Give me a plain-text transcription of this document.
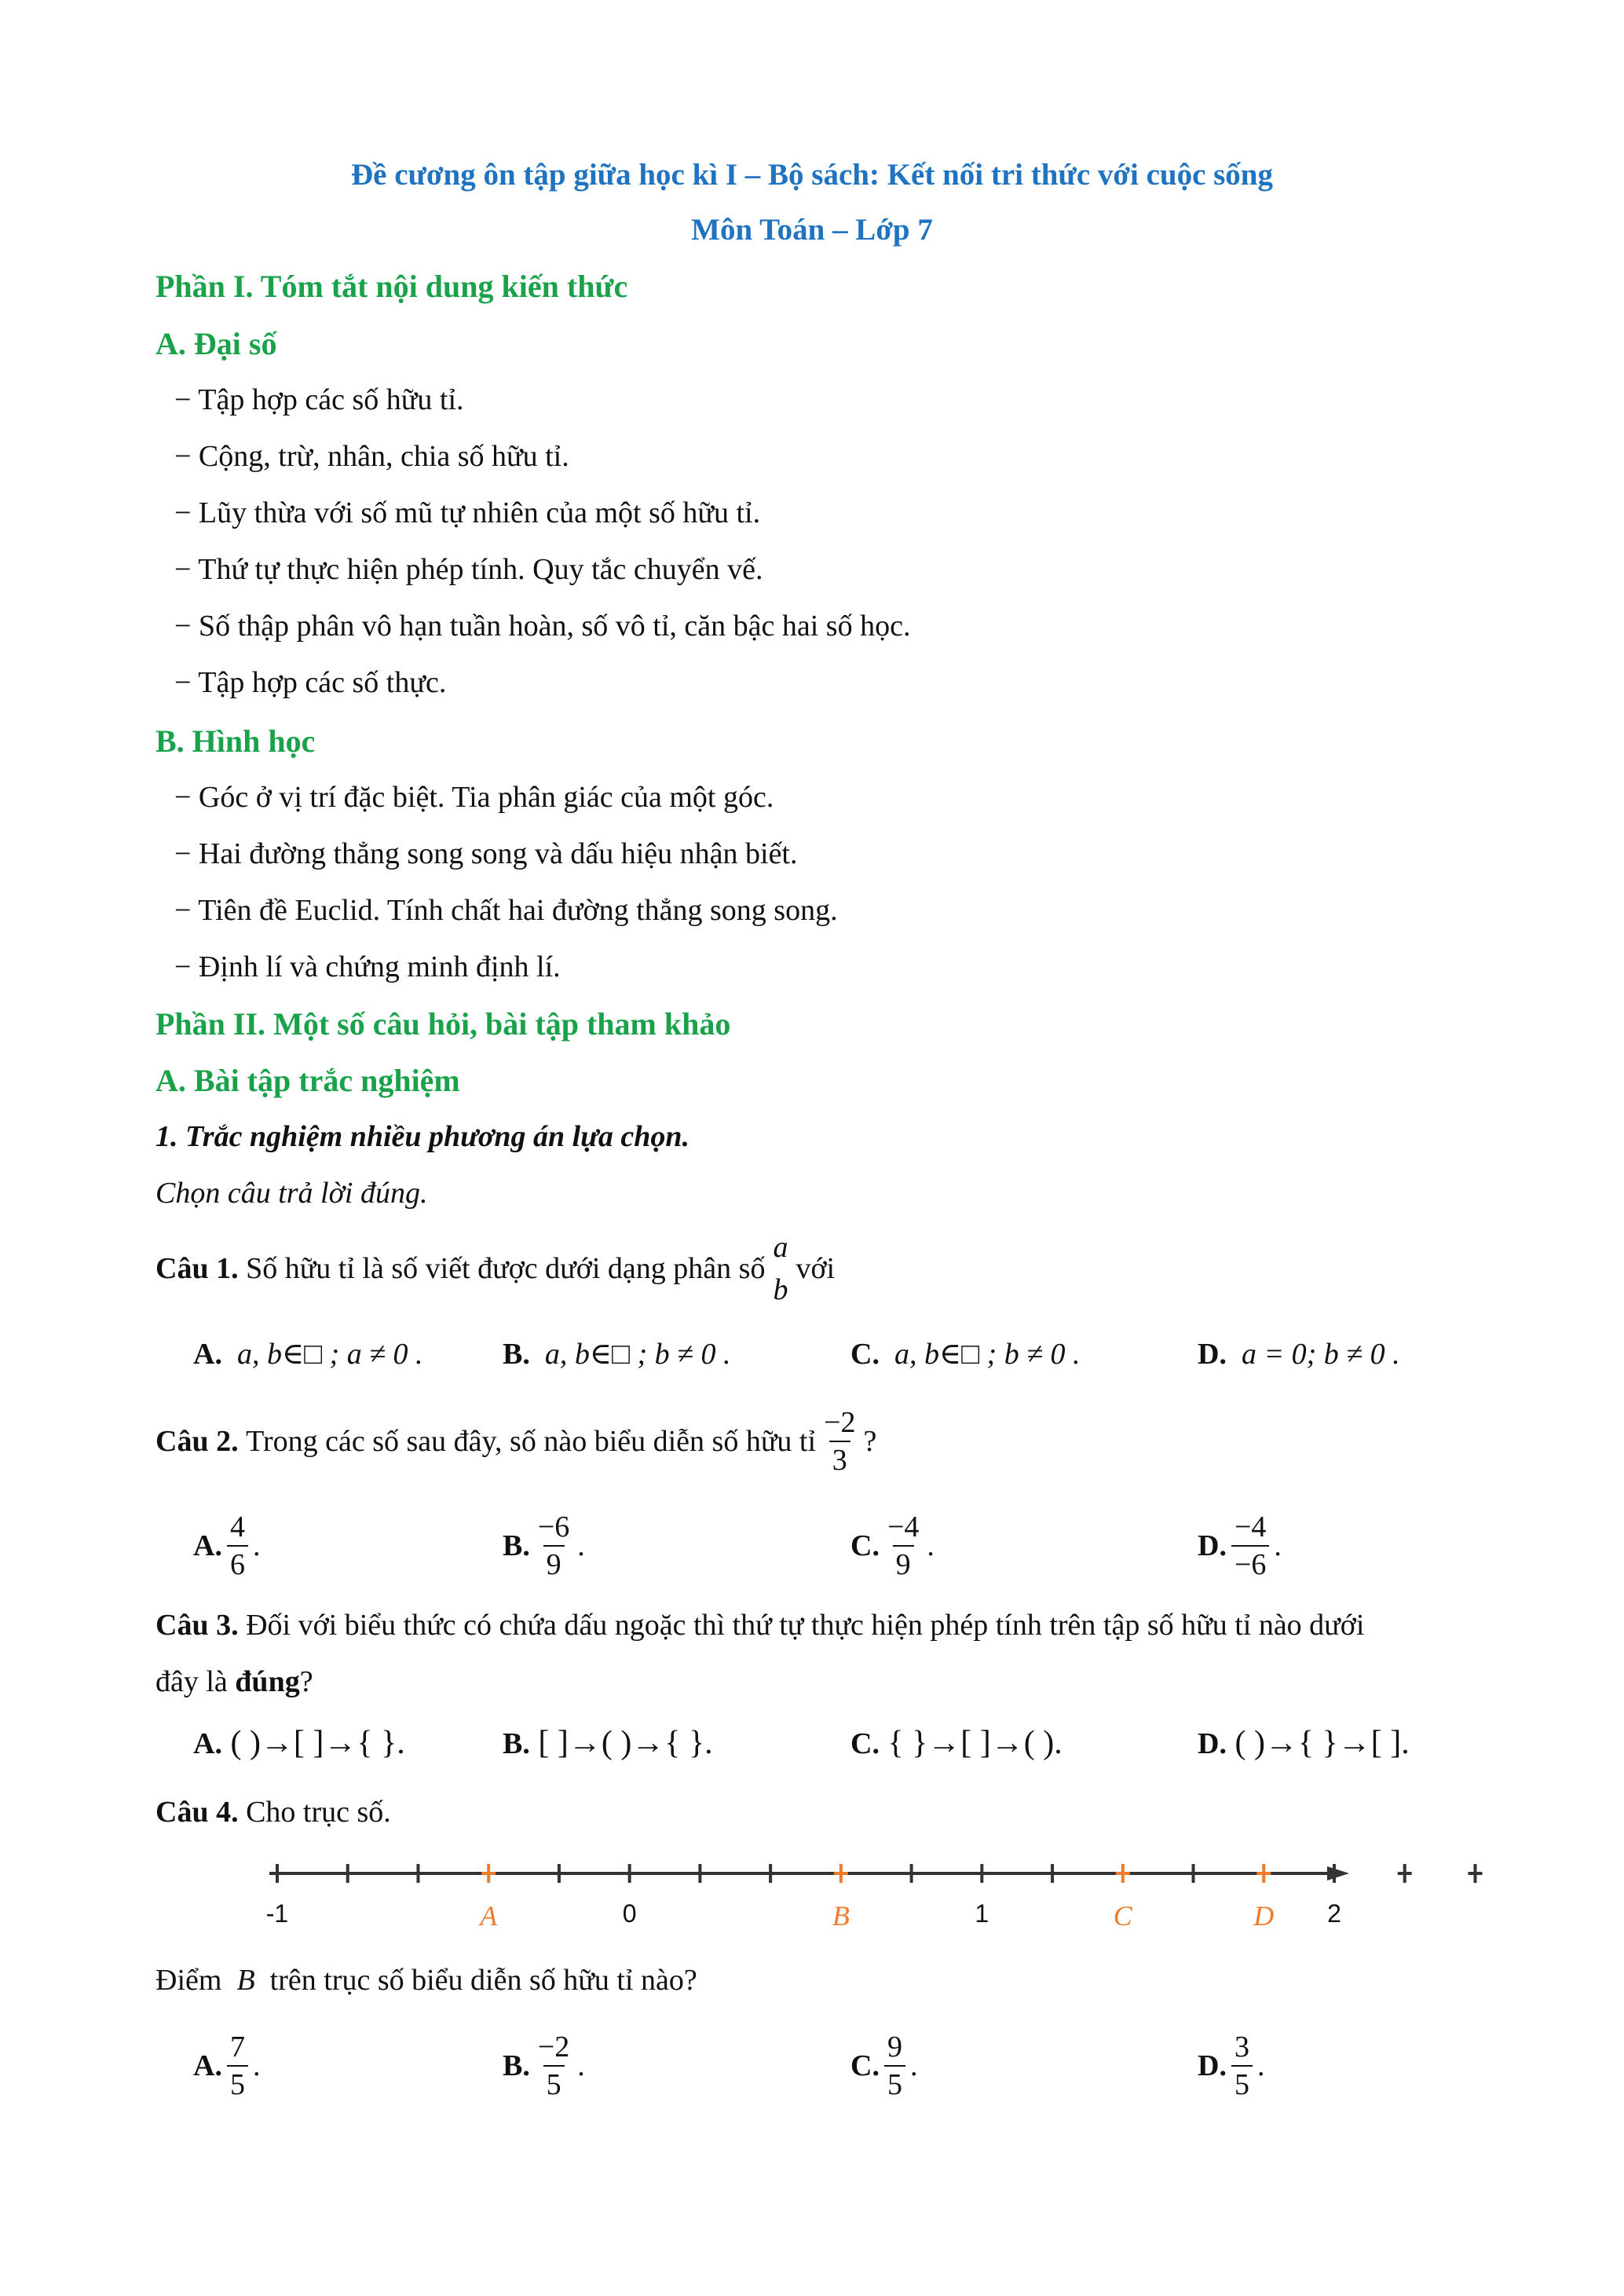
Đề cương ôn tập giữa học kì I – Bộ sách: Kết nối tri thức với cuộc sống
Môn Toán – Lớp 7
Phần I. Tóm tắt nội dung kiến thức
A. Đại số
− Tập hợp các số hữu tỉ.
− Cộng, trừ, nhân, chia số hữu tỉ.
− Lũy thừa với số mũ tự nhiên của một số hữu tỉ.
− Thứ tự thực hiện phép tính. Quy tắc chuyển vế.
− Số thập phân vô hạn tuần hoàn, số vô tỉ, căn bậc hai số học.
− Tập hợp các số thực.
B. Hình học
− Góc ở vị trí đặc biệt. Tia phân giác của một góc.
− Hai đường thẳng song song và dấu hiệu nhận biết.
− Tiên đề Euclid. Tính chất hai đường thẳng song song.
− Định lí và chứng minh định lí.
Phần II. Một số câu hỏi, bài tập tham khảo
A. Bài tập trắc nghiệm
1. Trắc nghiệm nhiều phương án lựa chọn.
Chọn câu trả lời đúng.
Câu 1.
Số hữu tỉ là số viết được dưới dạng phân số
a
b
với
A. a, b∈□ ; a ≠ 0 .	B. a, b∈□ ; b ≠ 0 .	C. a, b∈□ ; b ≠ 0 .	D. a = 0; b ≠ 0 .
Câu 2.
Trong các số sau đây, số nào biểu diễn số hữu tỉ $\frac{-2}{3}$ ?
A. $\frac{4}{6}$ .	B. $\frac{-6}{9}$ .	C. $\frac{-4}{9}$ .	D. $\frac{-4}{-6}$ .
Câu 3. Đối với biểu thức có chứa dấu ngoặc thì thứ tự thực hiện phép tính trên tập số hữu tỉ nào dưới
đây là đúng?
A. ( )→[ ]→{ }.	B. [ ]→( )→{ }.	C. { }→[ ]→( ).	D. ( )→{ }→[ ].
Câu 4. Cho trục số.
Điểm B trên trục số biểu diễn số hữu tỉ nào?
A. $\frac{7}{5}$ .	B. $\frac{-2}{5}$ .	C. $\frac{9}{5}$ .	D. $\frac{3}{5}$ .
-1	0	1	2
A	B	C	D
